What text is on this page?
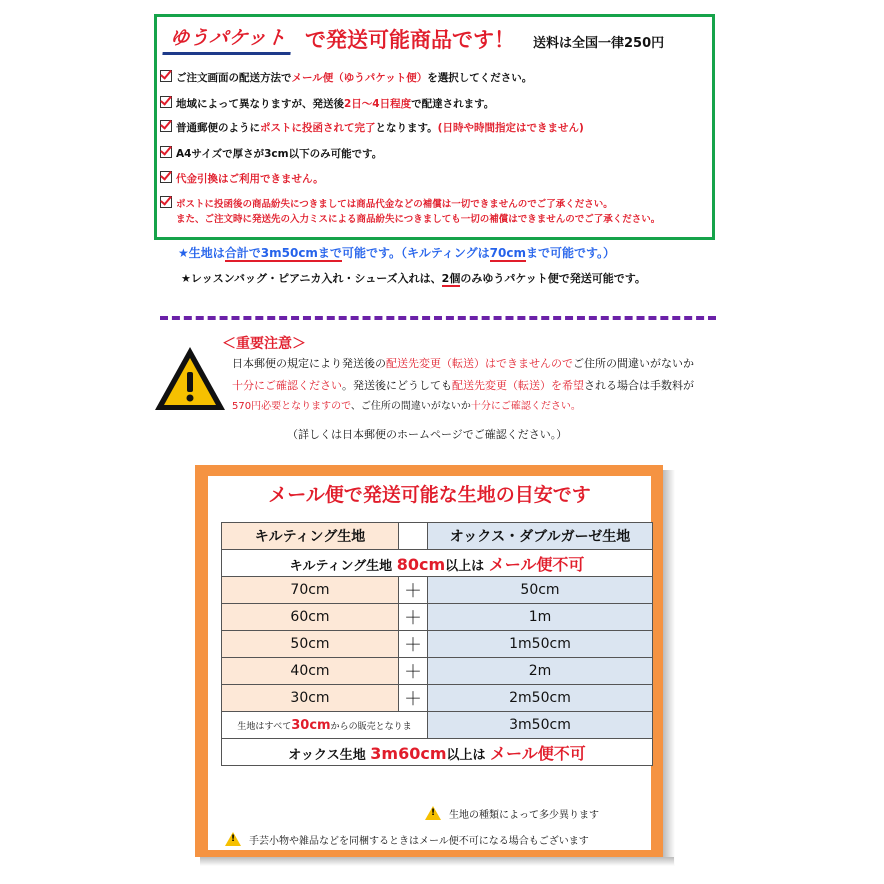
ゆうパケット で発送可能商品です！ 送料は全国一律250円
ご注文画面の配送方法でメール便（ゆうパケット便）を選択してください。
地域によって異なりますが、発送後2日～4日程度で配達されます。
普通郵便のようにポストに投函されて完了となります。(日時や時間指定はできません)
A4サイズで厚さが3cm以下のみ可能です。
代金引換はご利用できません。
ポストに投函後の商品紛失につきましては商品代金などの補償は一切できませんのでご了承ください。
また、ご注文時に発送先の入力ミスによる商品紛失につきましても一切の補償はできませんのでご了承ください。
★生地は合計で3m50cmまで可能です。（キルティングは70cmまで可能です。）
★レッスンバッグ・ピアニカ入れ・シューズ入れは、2個のみゆうパケット便で発送可能です。
＜重要注意＞
日本郵便の規定により発送後の配送先変更（転送）はできませんのでご住所の間違いがないか
十分にご確認ください。発送後にどうしても配送先変更（転送）を希望される場合は手数料が
570円必要となりますので、ご住所の間違いがないか十分にご確認ください。
（詳しくは日本郵便のホームページでご確認ください。）
メール便で発送可能な生地の目安です
キルティング生地		オックス・ダブルガーゼ生地
キルティング生地 80cm以上は メール便不可		
70cm	＋	50cm
60cm	＋	1m
50cm	＋	1m50cm
40cm	＋	2m
30cm	＋	2m50cm
生地はすべて30cmからの販売となりま		3m50cm
オックス生地 3m60cm以上は メール便不可		
!生地の種類によって多少異ります
!手芸小物や雑品などを同梱するときはメール便不可になる場合もございます
